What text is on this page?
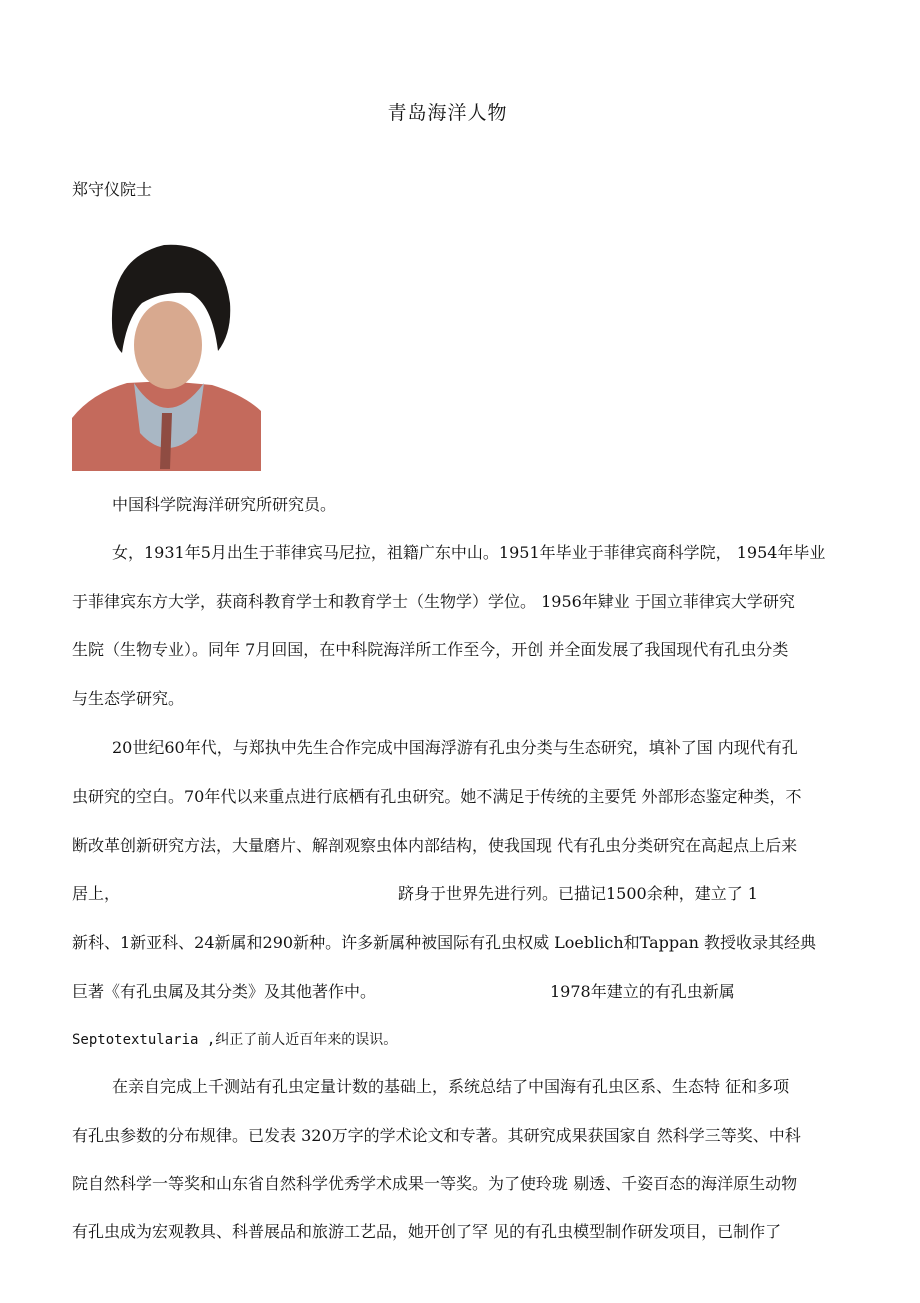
青岛海洋人物
郑守仪院士
中国科学院海洋研究所研究员。
女，1931年5月出生于菲律宾马尼拉，祖籍广东中山。1951年毕业于菲律宾商科学院， 1954年毕业
于菲律宾东方大学，获商科教育学士和教育学士（生物学）学位。 1956年肄业 于国立菲律宾大学研究
生院（生物专业）。同年 7月回国，在中科院海洋所工作至今，开创 并全面发展了我国现代有孔虫分类
与生态学研究。
20世纪60年代，与郑执中先生合作完成中国海浮游有孔虫分类与生态研究，填补了国 内现代有孔
虫研究的空白。70年代以来重点进行底栖有孔虫研究。她不满足于传统的主要凭 外部形态鉴定种类，不
断改革创新研究方法，大量磨片、解剖观察虫体内部结构，使我国现 代有孔虫分类研究在高起点上后来
居上，	跻身于世界先进行列。已描记1500余种，建立了 1
新科、1新亚科、24新属和290新种。许多新属种被国际有孔虫权威 Loeblich和Tappan 教授收录其经典
巨著《有孔虫属及其分类》及其他著作中。	1978年建立的有孔虫新属
Septotextularia ,纠正了前人近百年来的误识。
在亲自完成上千测站有孔虫定量计数的基础上，系统总结了中国海有孔虫区系、生态特 征和多项
有孔虫参数的分布规律。已发表 320万字的学术论文和专著。其研究成果获国家自 然科学三等奖、中科
院自然科学一等奖和山东省自然科学优秀学术成果一等奖。为了使玲珑 剔透、千姿百态的海洋原生动物
有孔虫成为宏观教具、科普展品和旅游工艺品，她开创了罕 见的有孔虫模型制作研发项目，已制作了
